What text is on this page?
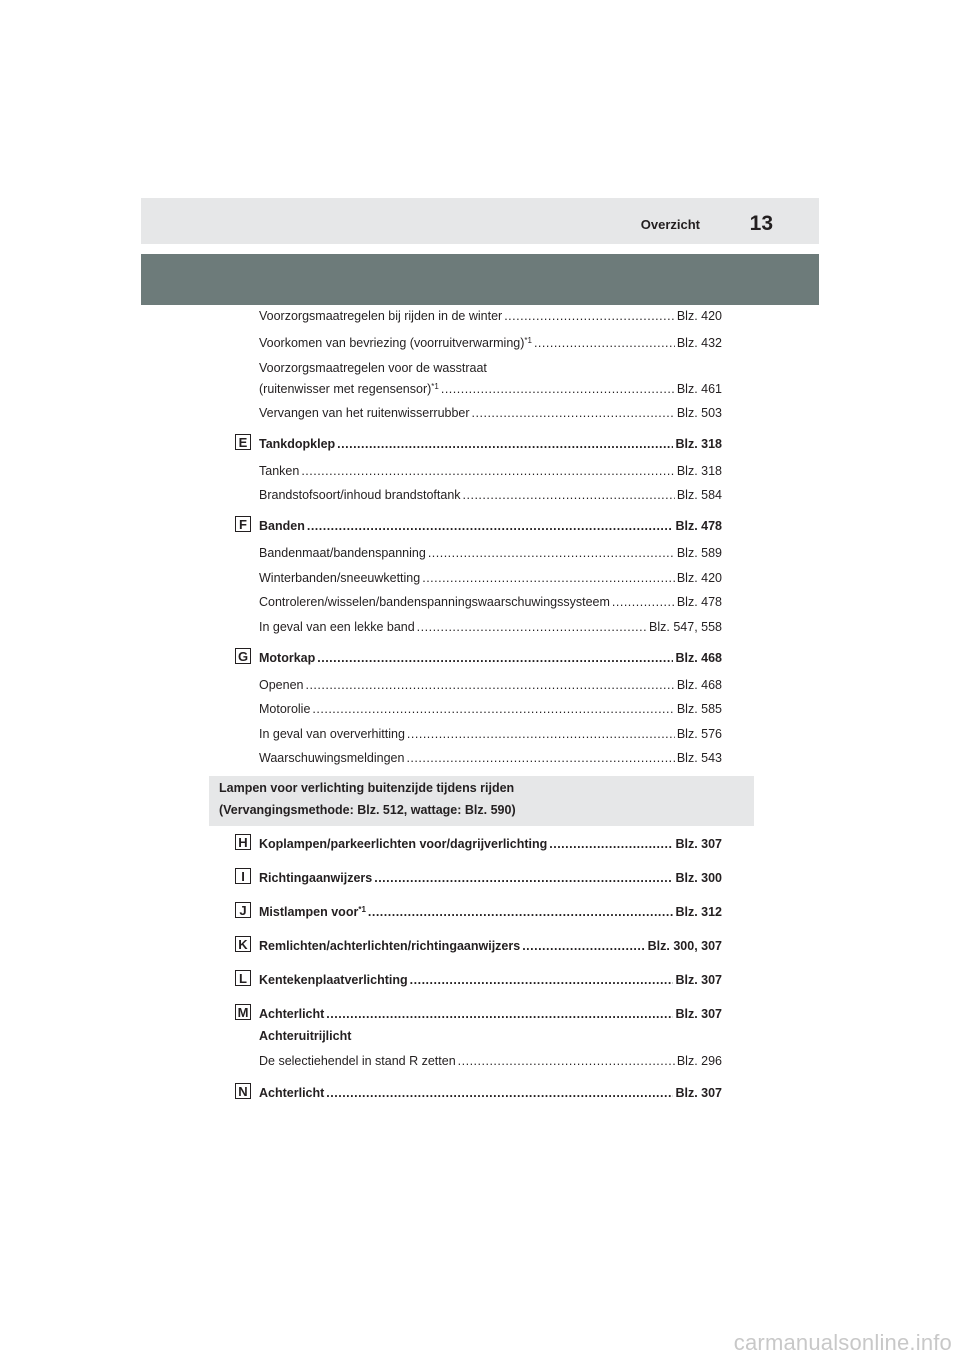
Overzicht 13
Voorzorgsmaatregelen bij rijden in de winter .....	Blz. 420
Voorkomen van bevriezing (voorruitverwarming)$^{*1}$ .....	Blz. 432
Voorzorgsmaatregelen voor de wasstraat
(ruitenwisser met regensensor)$^{*1}$ .....	Blz. 461
Vervangen van het ruitenwisserrubber .....	Blz. 503
E Tankdopklep .....	Blz. 318
Tanken .....	Blz. 318
Brandstofsoort/inhoud brandstoftank .....	Blz. 584
F Banden .....	Blz. 478
Bandenmaat/bandenspanning .....	Blz. 589
Winterbanden/sneeuwketting .....	Blz. 420
Controleren/wisselen/bandenspanningswaarschuwingssysteem .....	Blz. 478
In geval van een lekke band .....	Blz. 547, 558
G Motorkap .....	Blz. 468
Openen .....	Blz. 468
Motorolie .....	Blz. 585
In geval van oververhitting .....	Blz. 576
Waarschuwingsmeldingen .....	Blz. 543
Lampen voor verlichting buitenzijde tijdens rijden
(Vervangingsmethode: Blz. 512, wattage: Blz. 590)
H Koplampen/parkeerlichten voor/dagrijverlichting .....	Blz. 307
I	Richtingaanwijzers .....	Blz. 300
J Mistlampen voor$^{*1}$ .....	Blz. 312
K Remlichten/achterlichten/richtingaanwijzers .....	Blz. 300, 307
L Kentekenplaatverlichting .....	Blz. 307
M Achterlicht .....	Blz. 307
Achteruitrijlicht
De selectiehendel in stand R zetten .....	Blz. 296
N Achterlicht .....	Blz. 307
carmanualsonline.info
